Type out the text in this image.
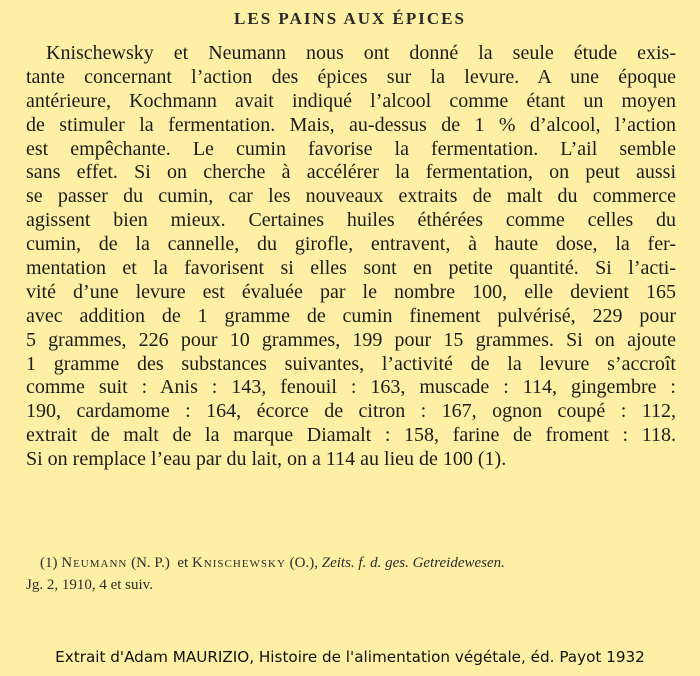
LES PAINS AUX ÉPICES
Knischewsky et Neumann nous ont donné la seule étude exis-
tante concernant l’action des épices sur la levure. A une époque
antérieure, Kochmann avait indiqué l’alcool comme étant un moyen
de stimuler la fermentation. Mais, au-dessus de 1 % d’alcool, l’action
est empêchante. Le cumin favorise la fermentation. L’ail semble
sans effet. Si on cherche à accélérer la fermentation, on peut aussi
se passer du cumin, car les nouveaux extraits de malt du commerce
agissent bien mieux. Certaines huiles éthérées comme celles du
cumin, de la cannelle, du girofle, entravent, à haute dose, la fer-
mentation et la favorisent si elles sont en petite quantité. Si l’acti-
vité d’une levure est évaluée par le nombre 100, elle devient 165
avec addition de 1 gramme de cumin finement pulvérisé, 229 pour
5 grammes, 226 pour 10 grammes, 199 pour 15 grammes. Si on ajoute
1 gramme des substances suivantes, l’activité de la levure s’accroît
comme suit : Anis : 143, fenouil : 163, muscade : 114, gingembre :
190, cardamome : 164, écorce de citron : 167, ognon coupé : 112,
extrait de malt de la marque Diamalt : 158, farine de froment : 118.
Si on remplace l’eau par du lait, on a 114 au lieu de 100 (1).
(1) Neumann (N. P.) et Knischewsky (O.), Zeits. f. d. ges. Getreidewesen.
Jg. 2, 1910, 4 et suiv.
Extrait d'Adam MAURIZIO, Histoire de l'alimentation végétale, éd. Payot 1932
